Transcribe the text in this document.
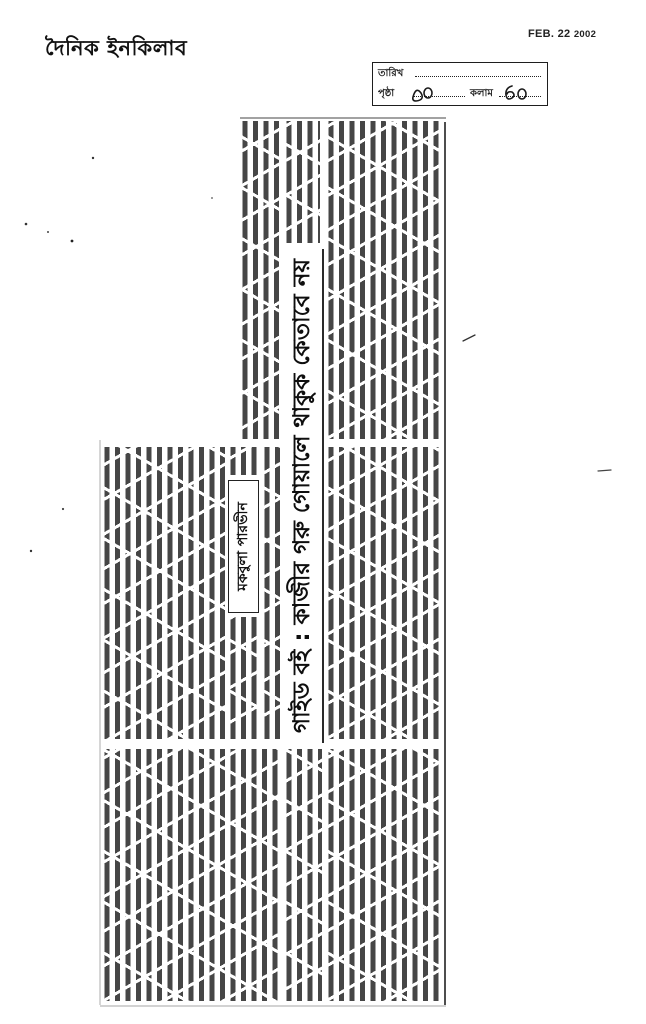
দৈনিক ইনকিলাব
FEB. 22 2002
তারিখ
পৃষ্ঠা	কলাম
মকবুলা পারভীন	গাইড বই : কাজীর গরু গোয়ালে থাকুক কেতাবে নয়
